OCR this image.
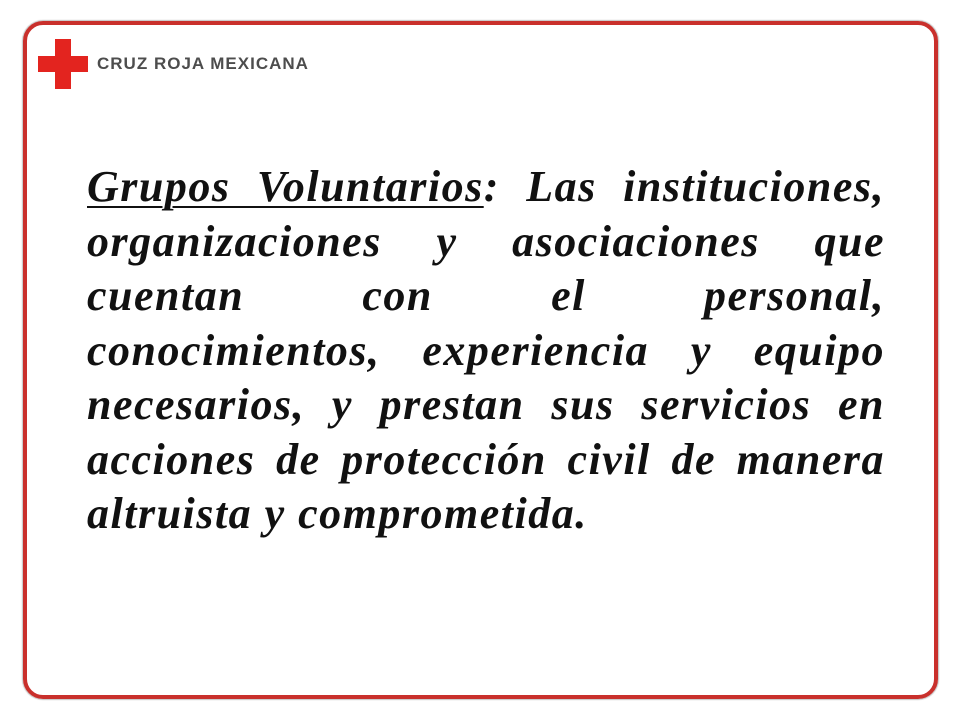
CRUZ ROJA MEXICANA
Grupos Voluntarios: Las instituciones,
organizaciones y asociaciones que
cuentan con el personal,
conocimientos, experiencia y equipo
necesarios, y prestan sus servicios en
acciones de protección civil de manera
altruista y comprometida.
